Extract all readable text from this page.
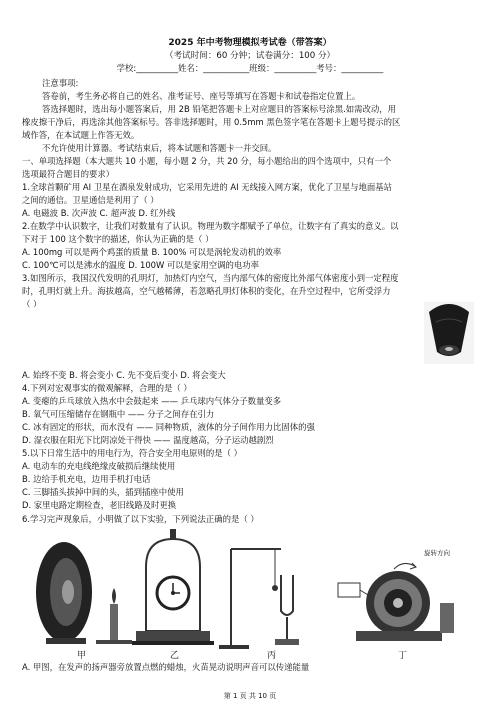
2025 年中考物理模拟考试卷（带答案）
（考试时间：60 分钟；试卷满分：100 分）
学校:__________姓名：___________班级：__________考号：__________
注意事项:
答卷前，考生务必将自己的姓名、准考证号、座号等填写在答题卡和试卷指定位置上。
答选择题时，选出每小题答案后，用 2B 铅笔把答题卡上对应题目的答案标号涂黑.如需改动，用
橡皮擦干净后，再选涂其他答案标号。答非选择题时，用 0.5mm 黑色签字笔在答题卡上题号提示的区
域作答，在本试题上作答无效。
不允许使用计算器。考试结束后，将本试题和答题卡一并交回。
一、单项选择题（本大题共 10 小题，每小题 2 分，共 20 分，每小题给出的四个选项中，只有一个
选项最符合题目的要求）
1.全球首颗矿用 AI 卫星在酒泉发射成功，它采用先进的 AI 无线接入网方案，优化了卫星与地面基站
之间的通信。卫星通信是利用了（ ）
A. 电磁波 B. 次声波 C. 超声波 D. 红外线
2.在数学中认识数字，让我们对数量有了认识。物理为数字都赋予了单位，让数字有了真实的意义。以
下对于 100 这个数字的描述，你认为正确的是（ ）
A. 100mg 可以是两个鸡蛋的质量 B. 100% 可以是涡轮发动机的效率
C. 100℃可以是沸水的温度 D. 100W 可以是家用空调的电功率
3.如图所示，我国汉代发明的孔明灯，加热灯内空气，当内部气体的密度比外部气体密度小到一定程度
时，孔明灯就上升。海拔越高，空气越稀薄，若忽略孔明灯体积的变化，在升空过程中，它所受浮力
（ ）
A. 始终不变 B. 将会变小 C. 先不变后变小 D. 将会变大
4.下列对宏观事实的微观解释，合理的是（ ）
A. 变瘪的乒乓球放入热水中会鼓起来 —— 乒乓球内气体分子数量变多
B. 氧气可压缩储存在钢瓶中 —— 分子之间存在引力
C. 冰有固定的形状，而水没有 —— 同种物质，液体的分子间作用力比固体的强
D. 湿衣服在阳光下比阴凉处干得快 —— 温度越高，分子运动越剧烈
5.以下日常生活中的用电行为，符合安全用电原则的是（ ）
A. 电动车的充电线绝缘皮破损后继续使用
B. 边给手机充电，边用手机打电话
C. 三脚插头拔掉中间的头，插到插座中使用
D. 家里电路定期检查，老旧线路及时更换
6.学习完声现象后，小明做了以下实验，下列说法正确的是（ ）
旋转方向
甲	乙	丙	丁
A. 甲图，在发声的扬声器旁放置点燃的蜡烛，火苗晃动说明声音可以传递能量
第 1 页 共 10 页
